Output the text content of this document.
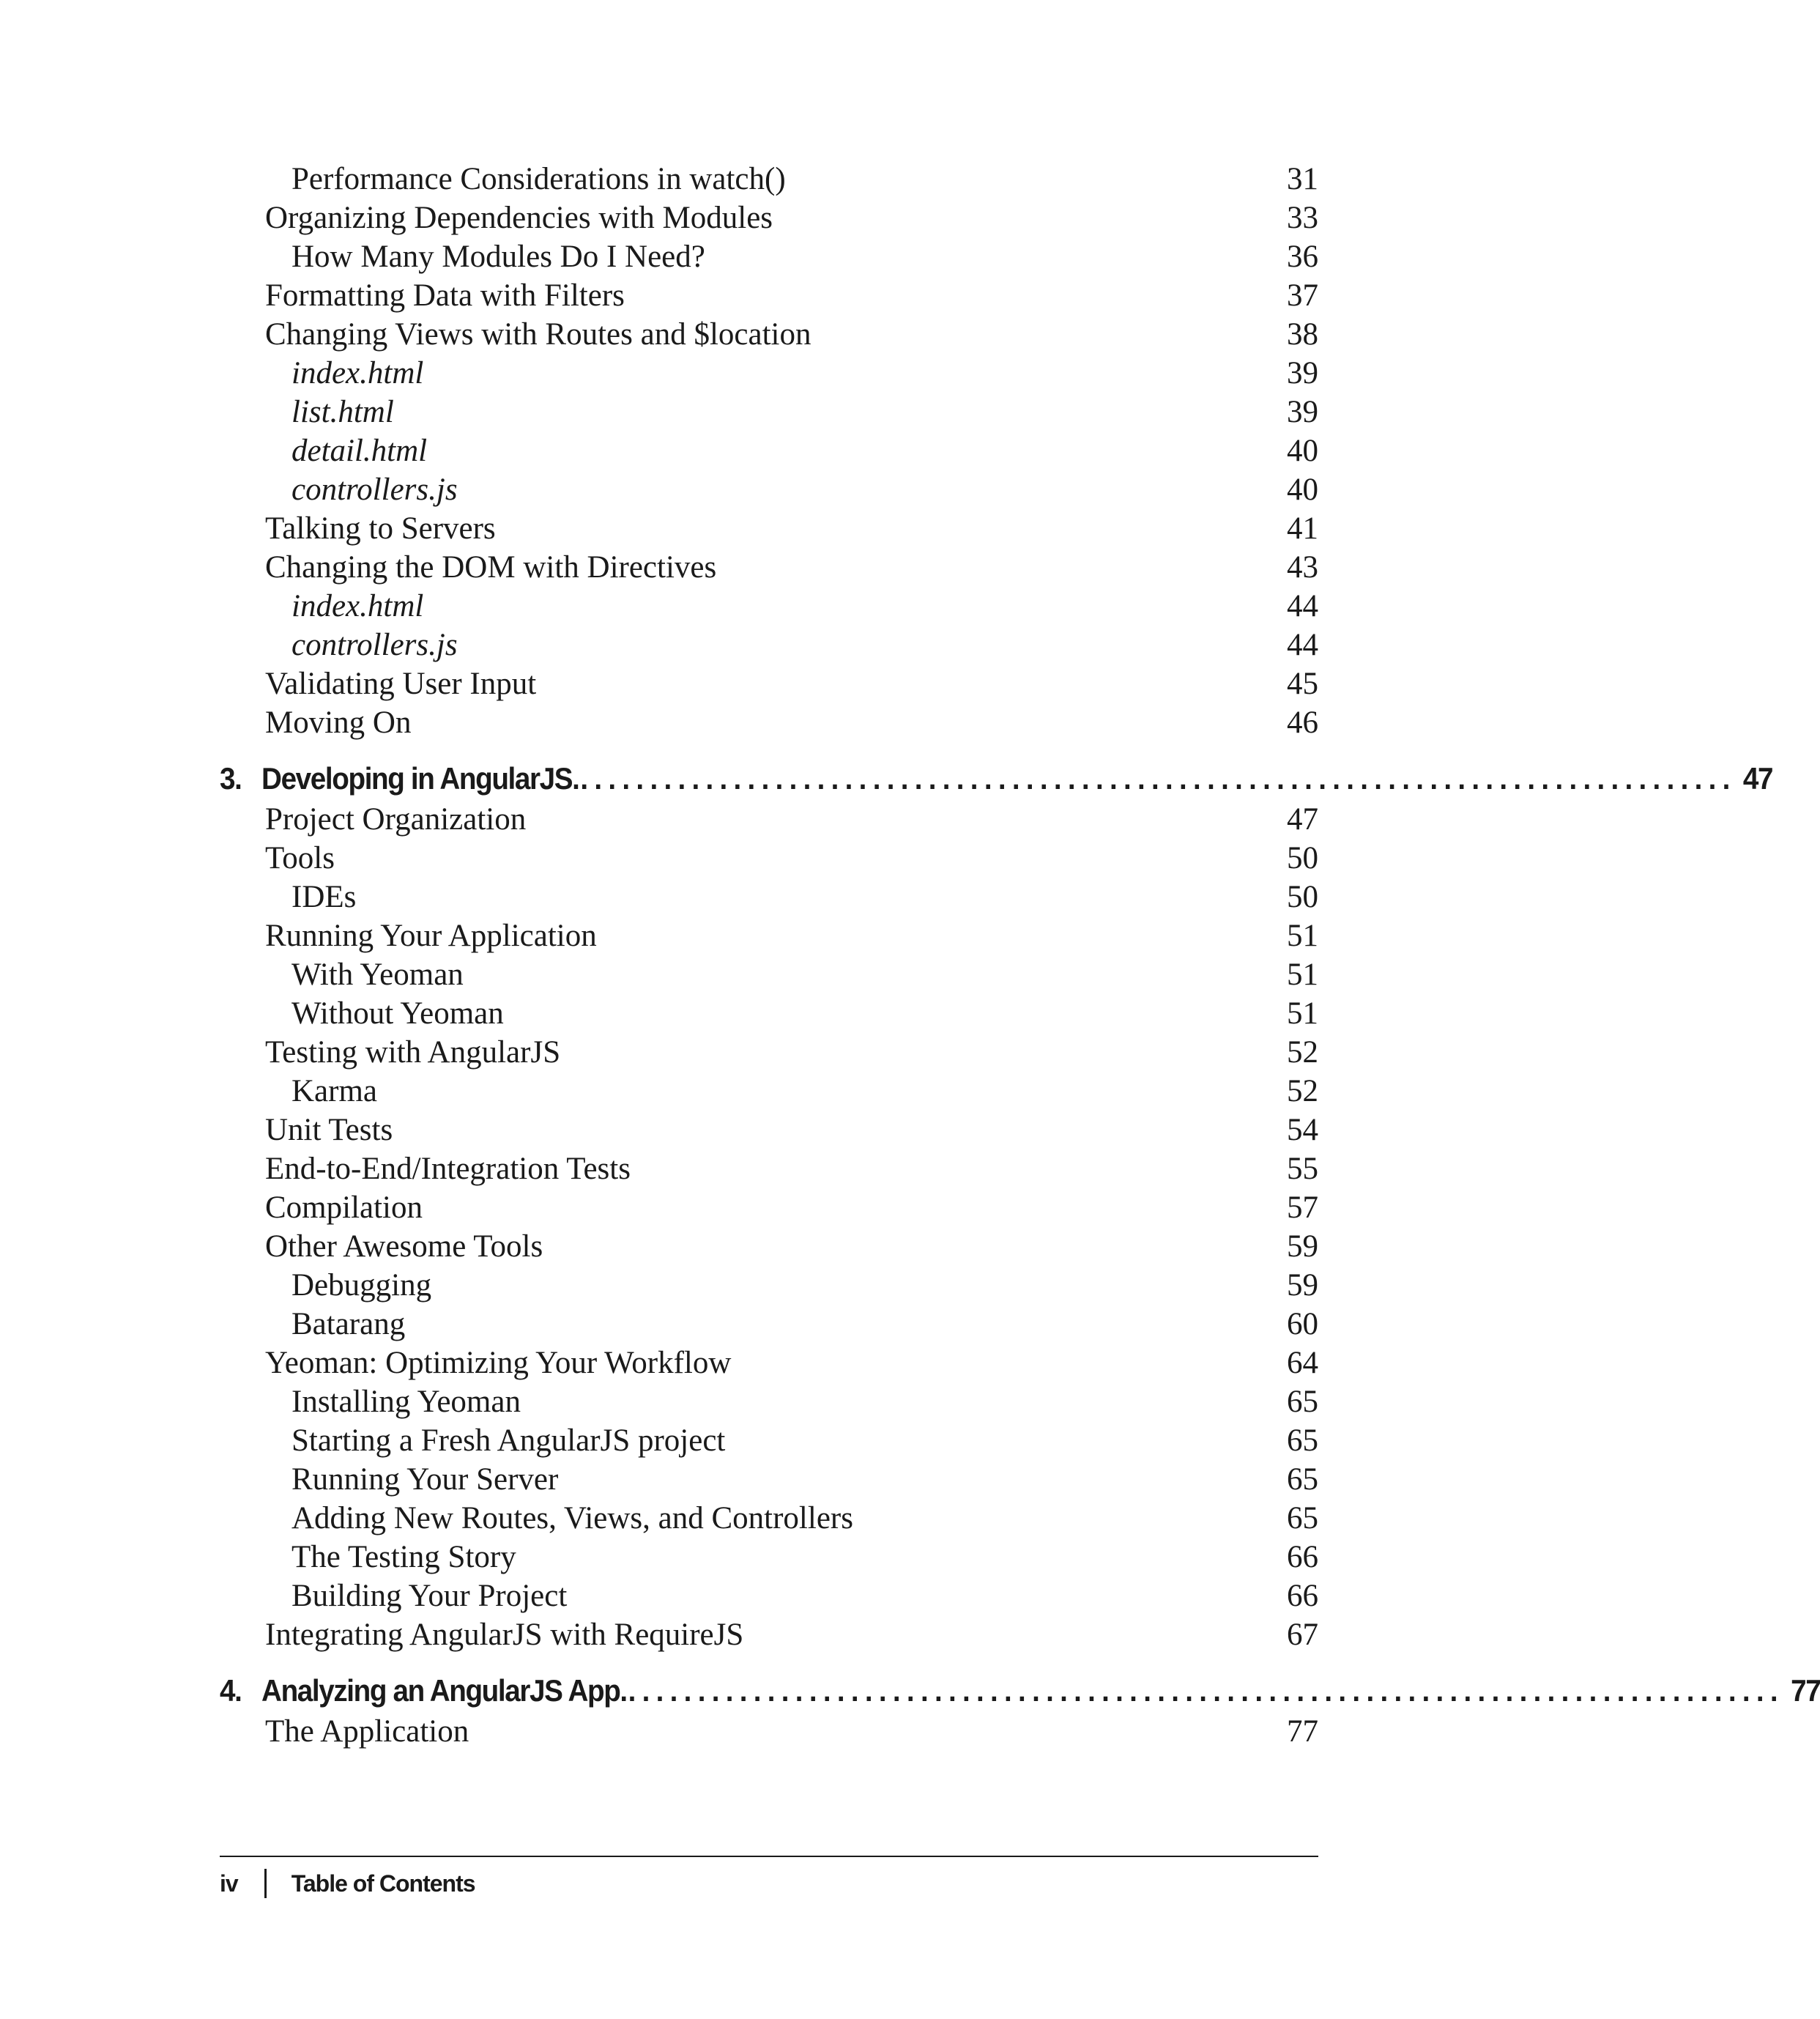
Performance Considerations in watch()	31
Organizing Dependencies with Modules	33
How Many Modules Do I Need?	36
Formatting Data with Filters	37
Changing Views with Routes and $location	38
index.html	39
list.html	39
detail.html	40
controllers.js	40
Talking to Servers	41
Changing the DOM with Directives	43
index.html	44
controllers.js	44
Validating User Input	45
Moving On	46
3. Developing in AngularJS. ................................................................................... 47
Project Organization	47
Tools	50
IDEs	50
Running Your Application	51
With Yeoman	51
Without Yeoman	51
Testing with AngularJS	52
Karma	52
Unit Tests	54
End-to-End/Integration Tests	55
Compilation	57
Other Awesome Tools	59
Debugging	59
Batarang	60
Yeoman: Optimizing Your Workflow	64
Installing Yeoman	65
Starting a Fresh AngularJS project	65
Running Your Server	65
Adding New Routes, Views, and Controllers	65
The Testing Story	66
Building Your Project	66
Integrating AngularJS with RequireJS	67
4. Analyzing an AngularJS App. ................................................................................... 77
The Application	77
iv Table of Contents
